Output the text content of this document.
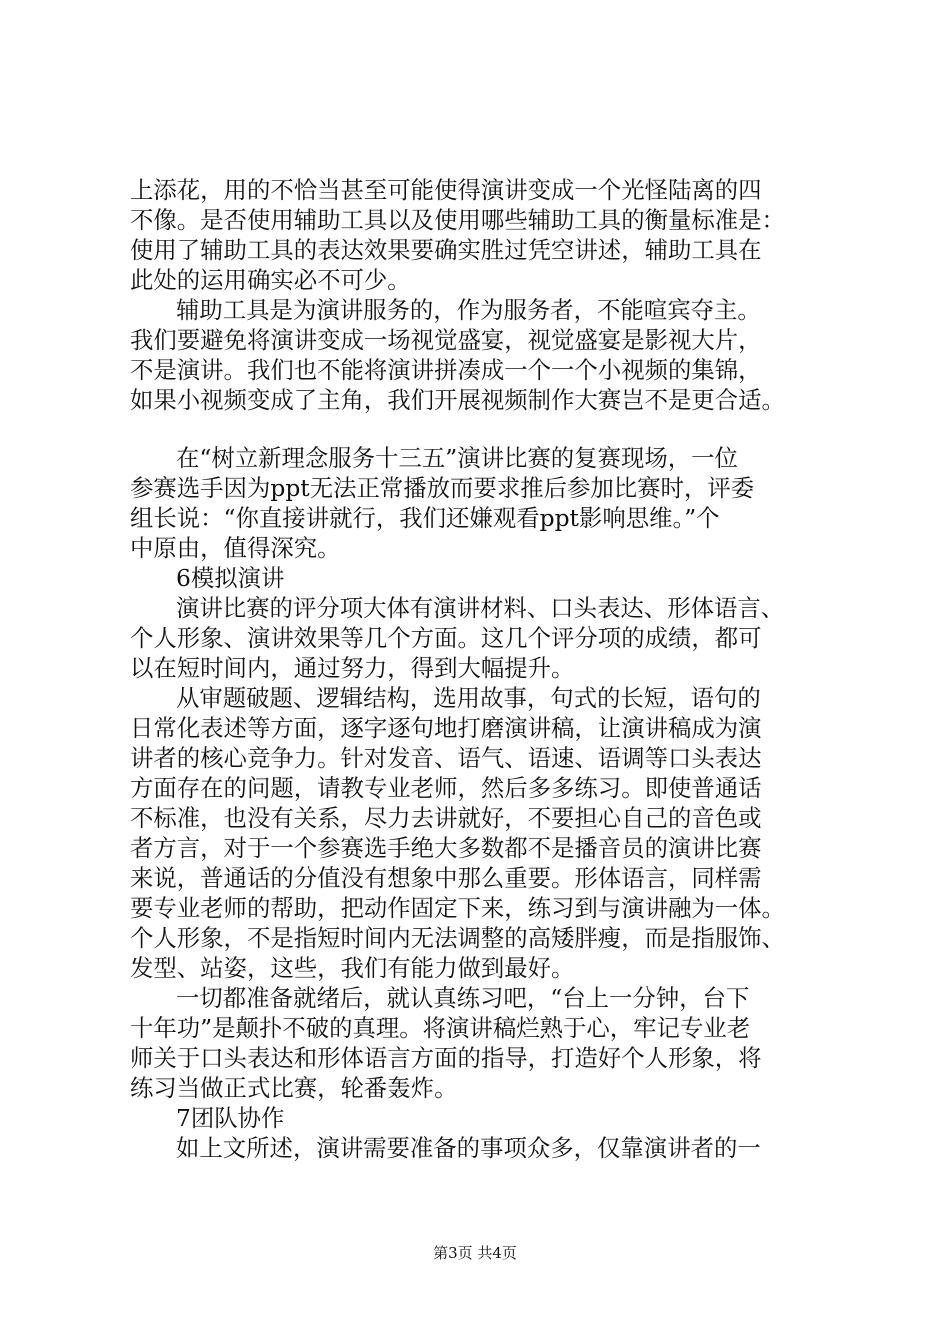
上添花，用的不恰当甚至可能使得演讲变成一个光怪陆离的四
不像。是否使用辅助工具以及使用哪些辅助工具的衡量标准是：
使用了辅助工具的表达效果要确实胜过凭空讲述，辅助工具在
此处的运用确实必不可少。
辅助工具是为演讲服务的，作为服务者，不能喧宾夺主。
我们要避免将演讲变成一场视觉盛宴，视觉盛宴是影视大片，
不是演讲。我们也不能将演讲拼凑成一个一个小视频的集锦，
如果小视频变成了主角，我们开展视频制作大赛岂不是更合适。
在“树立新理念服务十三五”演讲比赛的复赛现场，一位
参赛选手因为ppt无法正常播放而要求推后参加比赛时，评委
组长说：“你直接讲就行，我们还嫌观看ppt影响思维。”个
中原由，值得深究。
6模拟演讲
演讲比赛的评分项大体有演讲材料、口头表达、形体语言、
个人形象、演讲效果等几个方面。这几个评分项的成绩，都可
以在短时间内，通过努力，得到大幅提升。
从审题破题、逻辑结构，选用故事，句式的长短，语句的
日常化表述等方面，逐字逐句地打磨演讲稿，让演讲稿成为演
讲者的核心竞争力。针对发音、语气、语速、语调等口头表达
方面存在的问题，请教专业老师，然后多多练习。即使普通话
不标准，也没有关系，尽力去讲就好，不要担心自己的音色或
者方言，对于一个参赛选手绝大多数都不是播音员的演讲比赛
来说，普通话的分值没有想象中那么重要。形体语言，同样需
要专业老师的帮助，把动作固定下来，练习到与演讲融为一体。
个人形象，不是指短时间内无法调整的高矮胖瘦，而是指服饰、
发型、站姿，这些，我们有能力做到最好。
一切都准备就绪后，就认真练习吧，“台上一分钟，台下
十年功”是颠扑不破的真理。将演讲稿烂熟于心，牢记专业老
师关于口头表达和形体语言方面的指导，打造好个人形象，将
练习当做正式比赛，轮番轰炸。
7团队协作
如上文所述，演讲需要准备的事项众多，仅靠演讲者的一
第3页 共4页
